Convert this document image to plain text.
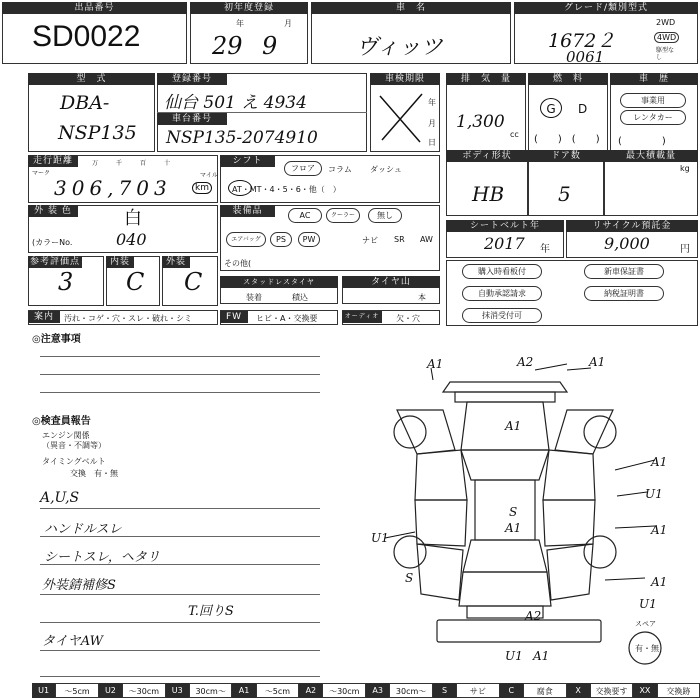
出品番号
SD0022
初年度登録
年	月
29 9
車　名
ヴィッツ
グレード/類別型式
1672２
0061
2WD
4WD
駆型なし
型　式
DBA-
NSP135
登録番号
仙台 501 え 4934
車台番号
NSP135-2074910
車検期限
年
月
日
排　気　量
1,300
cc
燃　料
G	D
(　　)　(　　)
車　歴
事業用
レンタカー
(　　　　)
走行距離
マーク
万　　　千　　　百　　　十
306,703
マイル
km
シフト
フロア	コラム ダッシュ
AT・MT・4・5・6・他（　）
ボディ形状
HB
ドア数
5
最大積載量
kg
外 装 色	白
(カラーNo.	040
装備品	AC	クーラー	無し
エアバッグ	PS	PW	ナビ SR AW
その他(
シートベルト年
2017 年
リサイクル預託金
9,000	円
参考評価点
3
内装
C
外装
C	スタッドレスタイヤ
装着	積込
タイヤ山
本
購入時看板付	新車保証書
自動承認請求	納税証明書
抹消受付可
案内	汚れ・コゲ・穴・スレ・破れ・シミ	FW	ヒビ・A・交換要	オーディオ	欠・穴
◎注意事項
◎検査員報告
エンジン関係
（異音・不調等）
タイミングベルト
交換　有・無
A,U,S
ハンドルスレ
シートスレ，ヘタリ
外装錆補修S
T.回りS
タイヤAW
A1	A2	A1
A1
A1
U1
A1
S
A1
U1
A1
S
U1
A2
U1 A1
スペア
有・無
U1	～5cm	U2	～30cm	U3	30cm～	A1	～5cm	A2	～30cm	A3	30cm～	S	サビ	C	腐食	X	交換要す	XX	交換跡
